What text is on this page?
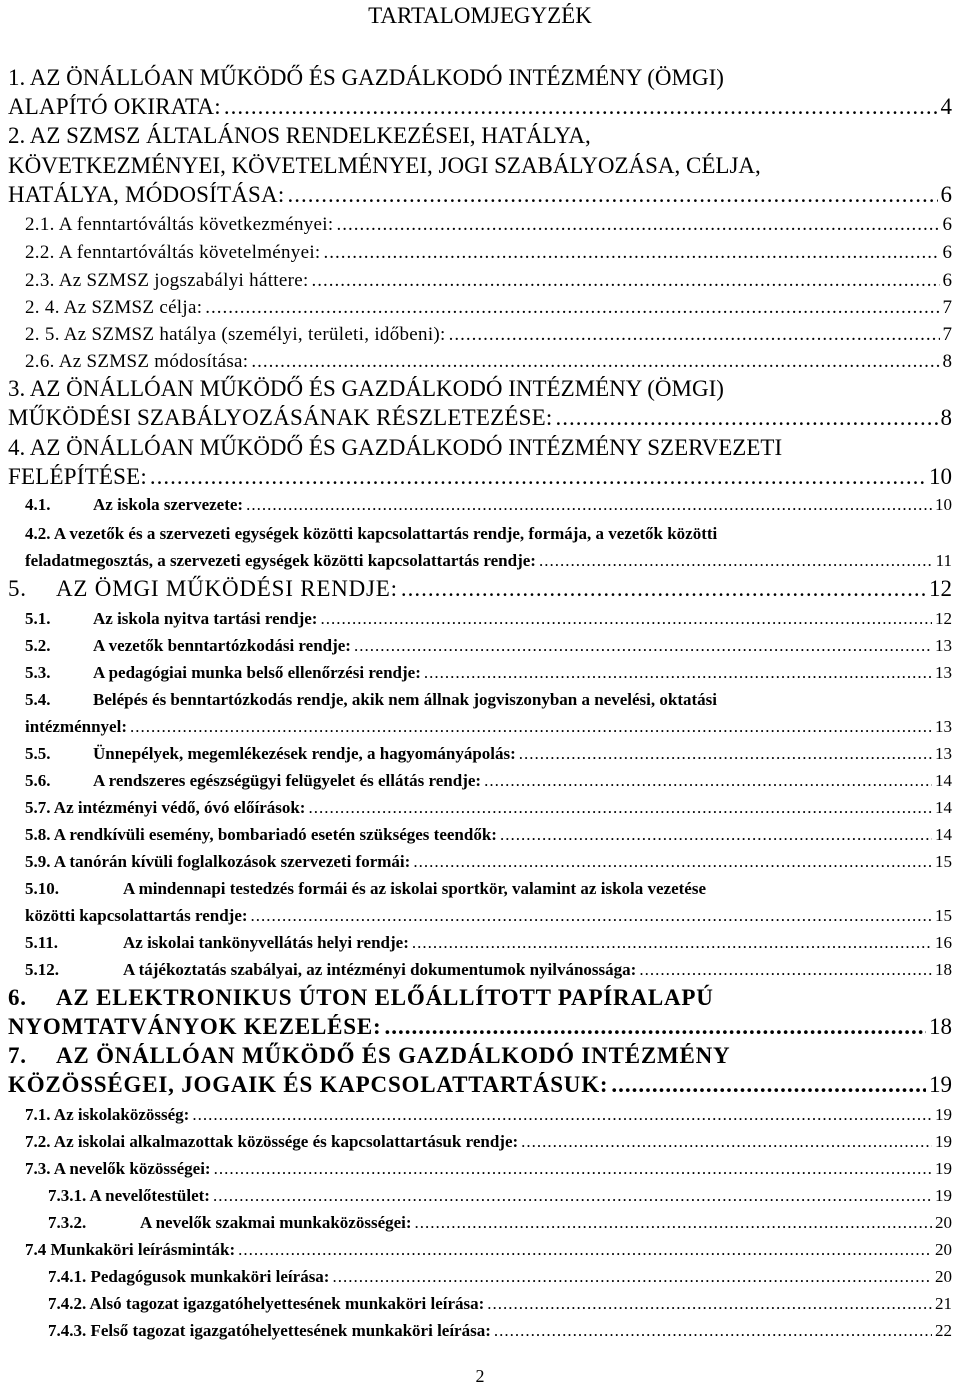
TARTALOMJEGYZÉK
1. AZ ÖNÁLLÓAN MŰKÖDŐ ÉS GAZDÁLKODÓ INTÉZMÉNY (ÖMGI)
ALAPÍTÓ OKIRATA: .....	4
2. AZ SZMSZ ÁLTALÁNOS RENDELKEZÉSEI, HATÁLYA,
KÖVETKEZMÉNYEI, KÖVETELMÉNYEI, JOGI SZABÁLYOZÁSA, CÉLJA,
HATÁLYA, MÓDOSÍTÁSA: .....	6
2.1. A fenntartóváltás következményei: .....	6
2.2. A fenntartóváltás követelményei: .....	6
2.3. Az SZMSZ jogszabályi háttere: .....	6
2. 4. Az SZMSZ célja: .....	7
2. 5. Az SZMSZ hatálya (személyi, területi, időbeni): .....	7
2.6. Az SZMSZ módosítása: .....	8
3. AZ ÖNÁLLÓAN MŰKÖDŐ ÉS GAZDÁLKODÓ INTÉZMÉNY (ÖMGI)
MŰKÖDÉSI SZABÁLYOZÁSÁNAK RÉSZLETEZÉSE: .....	8
4. AZ ÖNÁLLÓAN MŰKÖDŐ ÉS GAZDÁLKODÓ INTÉZMÉNY SZERVEZETI
FELÉPÍTÉSE: .....	10
4.1.	Az iskola szervezete: .....	10
4.2. A vezetők és a szervezeti egységek közötti kapcsolattartás rendje, formája, a vezetők közötti
feladatmegosztás, a szervezeti egységek közötti kapcsolattartás rendje: .....	11
5. AZ ÖMGI MŰKÖDÉSI RENDJE: .....	12
5.1.	Az iskola nyitva tartási rendje: .....	12
5.2.	A vezetők benntartózkodási rendje: .....	13
5.3.	A pedagógiai munka belső ellenőrzési rendje: .....	13
5.4.	Belépés és benntartózkodás rendje, akik nem állnak jogviszonyban a nevelési, oktatási
intézménnyel: .....	13
5.5.	Ünnepélyek, megemlékezések rendje, a hagyományápolás: .....	13
5.6.	A rendszeres egészségügyi felügyelet és ellátás rendje: .....	14
5.7. Az intézményi védő, óvó előírások: .....	14
5.8. A rendkívüli esemény, bombariadó esetén szükséges teendők: .....	14
5.9. A tanórán kívüli foglalkozások szervezeti formái: .....	15
5.10.	A mindennapi testedzés formái és az iskolai sportkör, valamint az iskola vezetése
közötti kapcsolattartás rendje: .....	15
5.11.	Az iskolai tankönyvellátás helyi rendje: .....	16
5.12.	A tájékoztatás szabályai, az intézményi dokumentumok nyilvánossága: .....	18
6. AZ ELEKTRONIKUS ÚTON ELŐÁLLÍTOTT PAPÍRALAPÚ
NYOMTATVÁNYOK KEZELÉSE: .....	18
7. AZ ÖNÁLLÓAN MŰKÖDŐ ÉS GAZDÁLKODÓ INTÉZMÉNY
KÖZÖSSÉGEI, JOGAIK ÉS KAPCSOLATTARTÁSUK: .....	19
7.1. Az iskolaközösség: .....	19
7.2. Az iskolai alkalmazottak közössége és kapcsolattartásuk rendje: .....	19
7.3. A nevelők közösségei: .....	19
7.3.1. A nevelőtestület: .....	19
7.3.2.	A nevelők szakmai munkaközösségei: .....	20
7.4 Munkaköri leírásminták: .....	20
7.4.1. Pedagógusok munkaköri leírása: .....	20
7.4.2. Alsó tagozat igazgatóhelyettesének munkaköri leírása: .....	21
7.4.3. Felső tagozat igazgatóhelyettesének munkaköri leírása: .....	22
2
